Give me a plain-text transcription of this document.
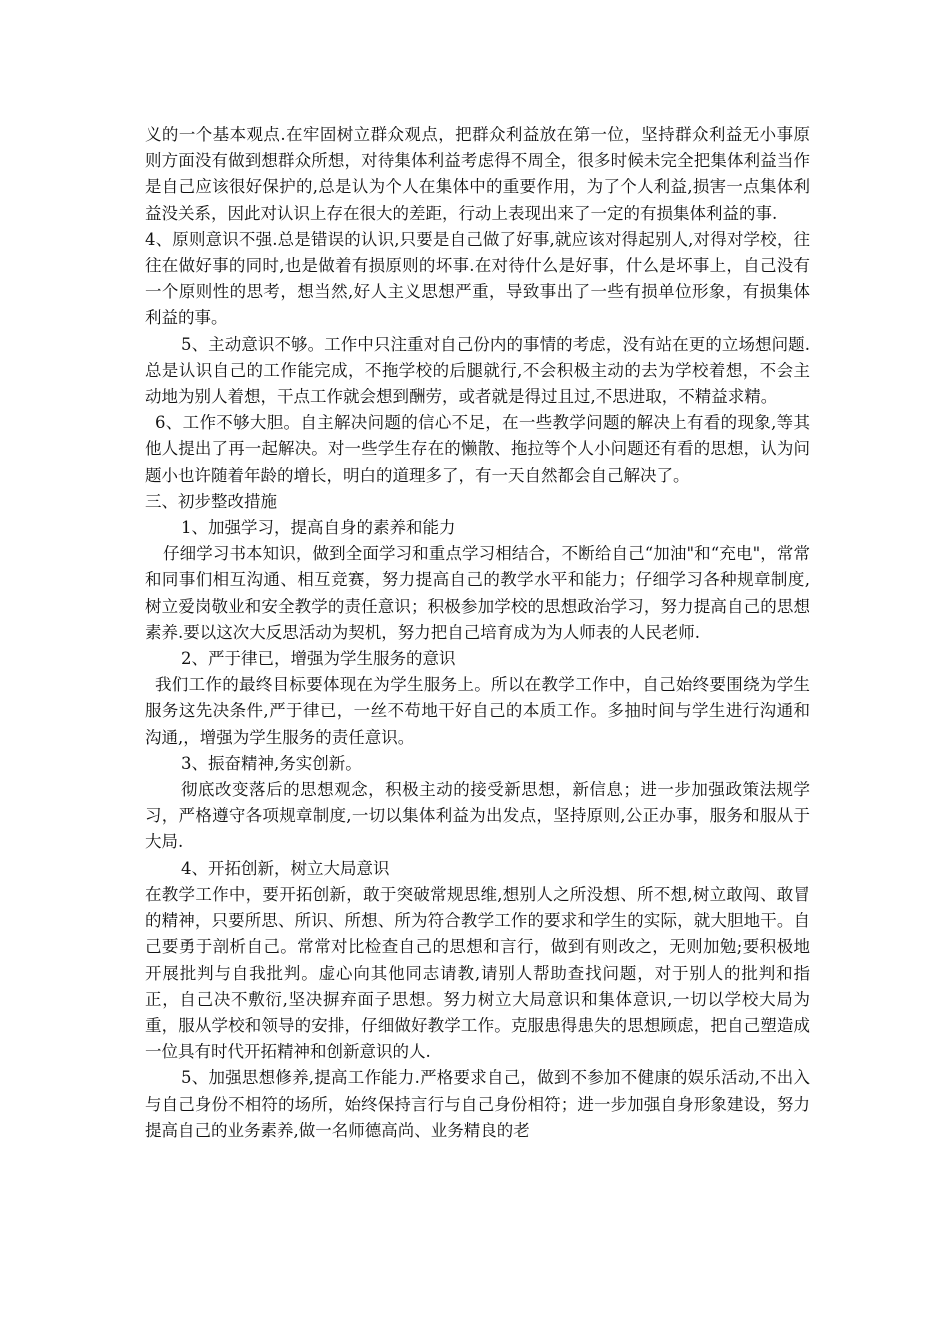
义的一个基本观点.在牢固树立群众观点，把群众利益放在第一位，坚持群众利益无小事原则方面没有做到想群众所想，对待集体利益考虑得不周全，很多时候未完全把集体利益当作是自己应该很好保护的,总是认为个人在集体中的重要作用，为了个人利益,损害一点集体利益没关系，因此对认识上存在很大的差距，行动上表现出来了一定的有损集体利益的事.

4、原则意识不强.总是错误的认识,只要是自己做了好事,就应该对得起别人,对得对学校，往往在做好事的同时,也是做着有损原则的坏事.在对待什么是好事，什么是坏事上，自己没有一个原则性的思考，想当然,好人主义思想严重，导致事出了一些有损单位形象，有损集体利益的事。

5、主动意识不够。工作中只注重对自己份内的事情的考虑，没有站在更的立场想问题.总是认识自己的工作能完成，不拖学校的后腿就行,不会积极主动的去为学校着想，不会主动地为别人着想，干点工作就会想到酬劳，或者就是得过且过,不思进取，不精益求精。

6、工作不够大胆。自主解决问题的信心不足，在一些教学问题的解决上有看的现象,等其他人提出了再一起解决。对一些学生存在的懒散、拖拉等个人小问题还有看的思想，认为问题小也许随着年龄的增长，明白的道理多了，有一天自然都会自己解决了。

三、初步整改措施

1、加强学习，提高自身的素养和能力

仔细学习书本知识，做到全面学习和重点学习相结合，不断给自己“加油"和“充电"，常常和同事们相互沟通、相互竞赛，努力提高自己的教学水平和能力；仔细学习各种规章制度,树立爱岗敬业和安全教学的责任意识；积极参加学校的思想政治学习，努力提高自己的思想素养.要以这次大反思活动为契机，努力把自己培育成为为人师表的人民老师.

2、严于律已，增强为学生服务的意识

我们工作的最终目标要体现在为学生服务上。所以在教学工作中，自己始终要围绕为学生服务这先决条件,严于律已，一丝不苟地干好自己的本质工作。多抽时间与学生进行沟通和沟通,，增强为学生服务的责任意识。

3、振奋精神,务实创新。

彻底改变落后的思想观念，积极主动的接受新思想，新信息；进一步加强政策法规学习，严格遵守各项规章制度,一切以集体利益为出发点，坚持原则,公正办事，服务和服从于大局.

4、开拓创新，树立大局意识

在教学工作中，要开拓创新，敢于突破常规思维,想别人之所没想、所不想,树立敢闯、敢冒的精神，只要所思、所识、所想、所为符合教学工作的要求和学生的实际，就大胆地干。自己要勇于剖析自己。常常对比检查自己的思想和言行，做到有则改之，无则加勉;要积极地开展批判与自我批判。虚心向其他同志请教,请别人帮助查找问题，对于别人的批判和指正，自己决不敷衍,坚决摒弃面子思想。努力树立大局意识和集体意识,一切以学校大局为重，服从学校和领导的安排，仔细做好教学工作。克服患得患失的思想顾虑，把自己塑造成一位具有时代开拓精神和创新意识的人.

5、加强思想修养,提高工作能力.严格要求自己，做到不参加不健康的娱乐活动,不出入与自己身份不相符的场所，始终保持言行与自己身份相符；进一步加强自身形象建设，努力提高自己的业务素养,做一名师德高尚、业务精良的老
